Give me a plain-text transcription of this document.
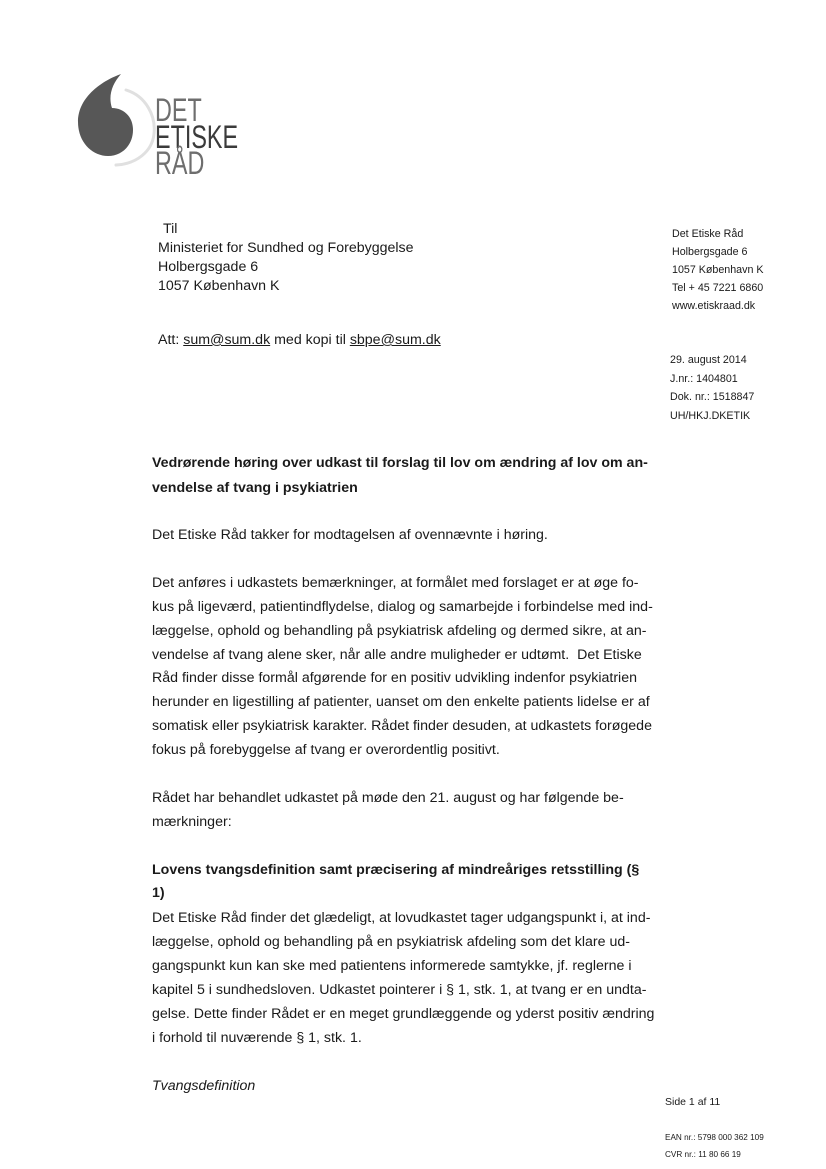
DET
ETISKE
RÅD
Til
Ministeriet for Sundhed og Forebyggelse
Holbergsgade 6
1057 København K
Att: sum@sum.dk med kopi til sbpe@sum.dk
Det Etiske Råd
Holbergsgade 6
1057 København K
Tel + 45 7221 6860
www.etiskraad.dk
29. august 2014
J.nr.: 1404801
Dok. nr.: 1518847
UH/HKJ.DKETIK
Vedrørende høring over udkast til forslag til lov om ændring af lov om an-
vendelse af tvang i psykiatrien
Det Etiske Råd takker for modtagelsen af ovennævnte i høring.
Det anføres i udkastets bemærkninger, at formålet med forslaget er at øge fo-
kus på ligeværd, patientindflydelse, dialog og samarbejde i forbindelse med ind-
læggelse, ophold og behandling på psykiatrisk afdeling og dermed sikre, at an-
vendelse af tvang alene sker, når alle andre muligheder er udtømt.  Det Etiske
Råd finder disse formål afgørende for en positiv udvikling indenfor psykiatrien
herunder en ligestilling af patienter, uanset om den enkelte patients lidelse er af
somatisk eller psykiatrisk karakter. Rådet finder desuden, at udkastets forøgede
fokus på forebyggelse af tvang er overordentlig positivt.
Rådet har behandlet udkastet på møde den 21. august og har følgende be-
mærkninger:
Lovens tvangsdefinition samt præcisering af mindreåriges retsstilling (§
1)
Det Etiske Råd finder det glædeligt, at lovudkastet tager udgangspunkt i, at ind-
læggelse, ophold og behandling på en psykiatrisk afdeling som det klare ud-
gangspunkt kun kan ske med patientens informerede samtykke, jf. reglerne i
kapitel 5 i sundhedsloven. Udkastet pointerer i § 1, stk. 1, at tvang er en undta-
gelse. Dette finder Rådet er en meget grundlæggende og yderst positiv ændring
i forhold til nuværende § 1, stk. 1.
Tvangsdefinition
Side 1 af 11
EAN nr.: 5798 000 362 109
CVR nr.: 11 80 66 19
